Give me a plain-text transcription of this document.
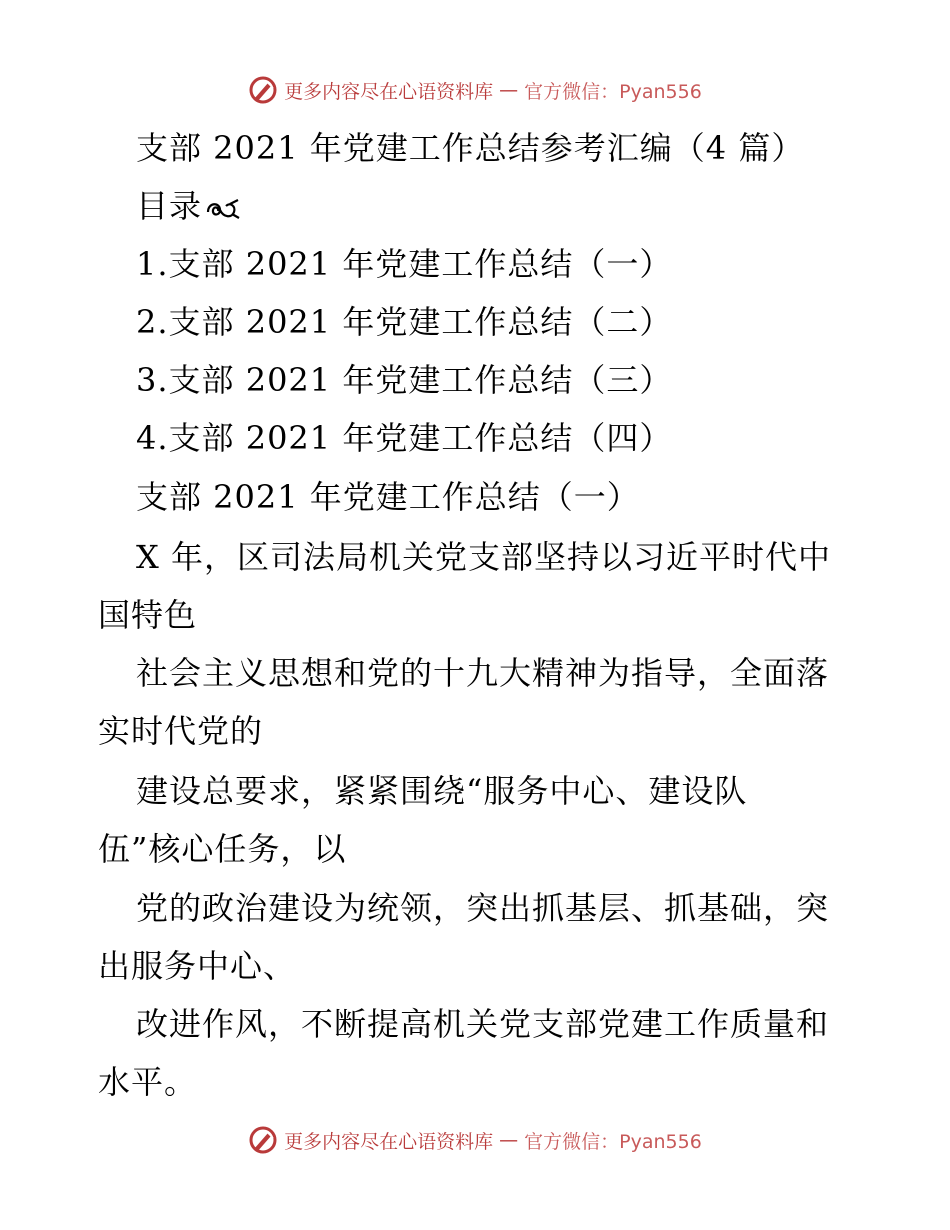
更多内容尽在心语资料库 — 官方微信：Pyan556
支部 2021 年党建工作总结参考汇编（4 篇）
目录
1.支部 2021 年党建工作总结（一）
2.支部 2021 年党建工作总结（二）
3.支部 2021 年党建工作总结（三）
4.支部 2021 年党建工作总结（四）
支部 2021 年党建工作总结（一）
X 年，区司法局机关党支部坚持以习近平时代中
国特色
社会主义思想和党的十九大精神为指导，全面落
实时代党的
建设总要求，紧紧围绕“服务中心、建设队
伍”核心任务，以
党的政治建设为统领，突出抓基层、抓基础，突
出服务中心、
改进作风，不断提高机关党支部党建工作质量和
水平。
更多内容尽在心语资料库 — 官方微信：Pyan556
